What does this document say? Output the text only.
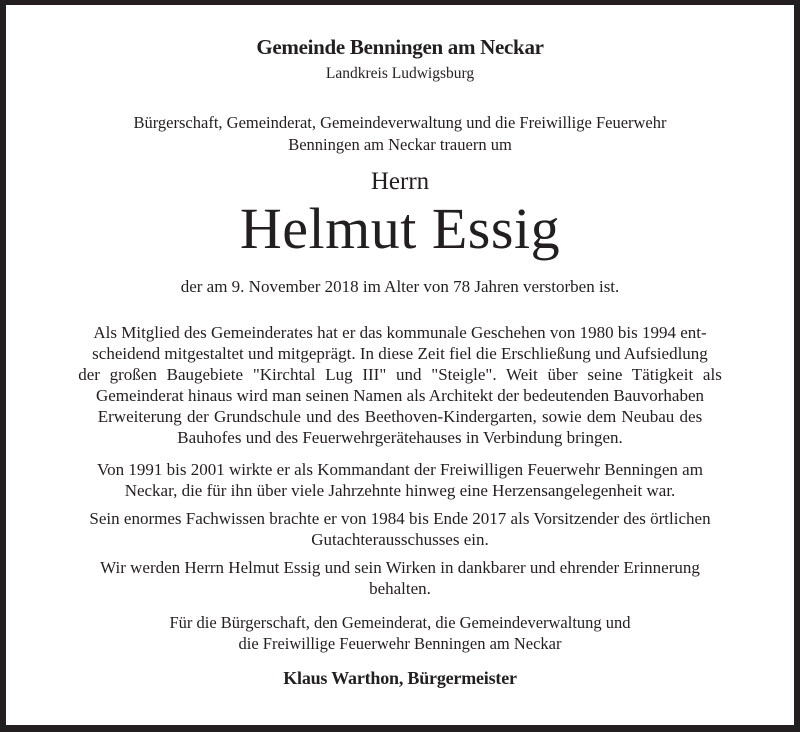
Gemeinde Benningen am Neckar
Landkreis Ludwigsburg
Bürgerschaft, Gemeinderat, Gemeindeverwaltung und die Freiwillige Feuerwehr
Benningen am Neckar trauern um
Herrn
Helmut Essig
der am 9. November 2018 im Alter von 78 Jahren verstorben ist.
Als Mitglied des Gemeinderates hat er das kommunale Geschehen von 1980 bis 1994 ent-
scheidend mitgestaltet und mitgeprägt. In diese Zeit fiel die Erschließung und Aufsiedlung
der großen Baugebiete "Kirchtal Lug III" und "Steigle". Weit über seine Tätigkeit als
Gemeinderat hinaus wird man seinen Namen als Architekt der bedeutenden Bauvorhaben
Erweiterung der Grundschule und des Beethoven-Kindergarten, sowie dem Neubau des
Bauhofes und des Feuerwehrgerätehauses in Verbindung bringen.
Von 1991 bis 2001 wirkte er als Kommandant der Freiwilligen Feuerwehr Benningen am
Neckar, die für ihn über viele Jahrzehnte hinweg eine Herzensangelegenheit war.
Sein enormes Fachwissen brachte er von 1984 bis Ende 2017 als Vorsitzender des örtlichen
Gutachterausschusses ein.
Wir werden Herrn Helmut Essig und sein Wirken in dankbarer und ehrender Erinnerung
behalten.
Für die Bürgerschaft, den Gemeinderat, die Gemeindeverwaltung und
die Freiwillige Feuerwehr Benningen am Neckar
Klaus Warthon, Bürgermeister
